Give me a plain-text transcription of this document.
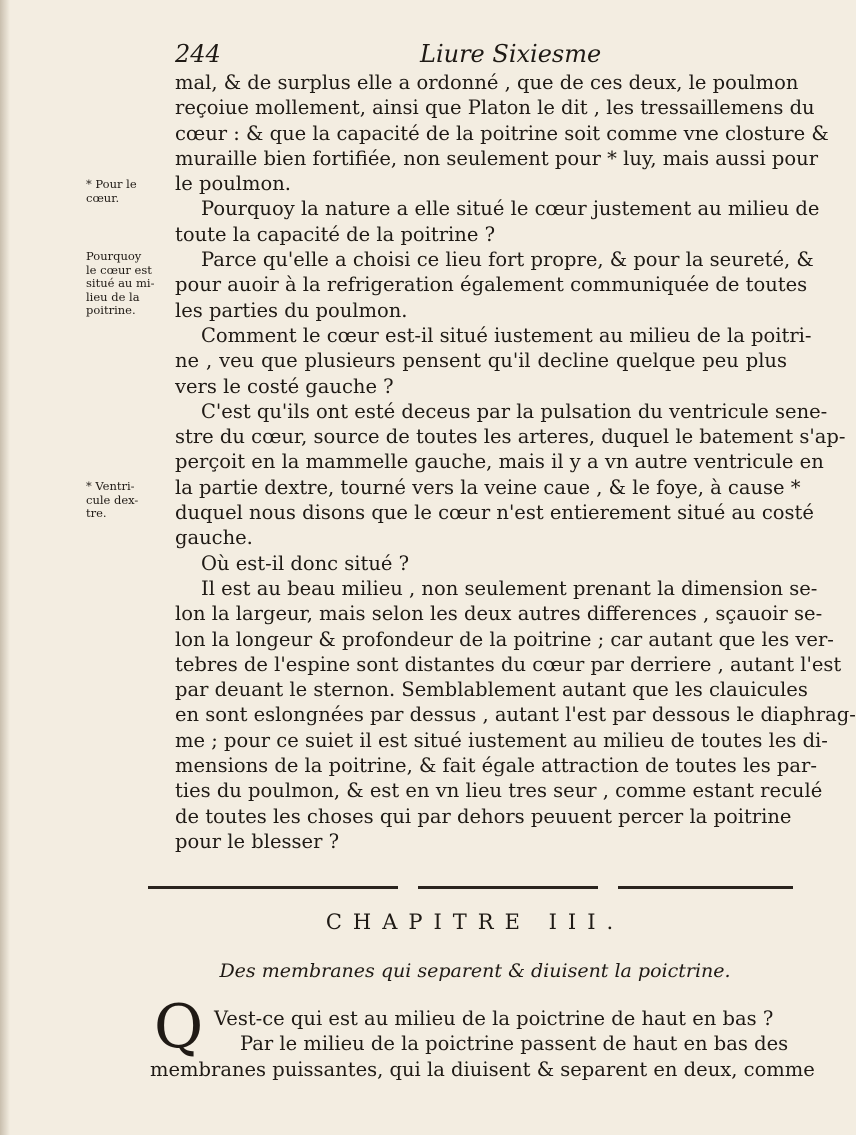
244	Liure Sixiesme
* Pour le
cœur.
Pourquoy
le cœur est
situé au mi-
lieu de la
poitrine.
* Ventri-
cule dex-
tre.
mal, & de surplus elle a ordonné , que de ces deux, le poulmon
reçoiue mollement, ainsi que Platon le dit , les tressaillemens du
cœur : & que la capacité de la poitrine soit comme vne closture &
muraille bien fortifiée, non seulement pour * luy, mais aussi pour
le poulmon.
Pourquoy la nature a elle situé le cœur justement au milieu de
toute la capacité de la poitrine ?
Parce qu'elle a choisi ce lieu fort propre, & pour la seureté, &
pour auoir à la refrigeration également communiquée de toutes
les parties du poulmon.
Comment le cœur est-il situé iustement au milieu de la poitri-
ne , veu que plusieurs pensent qu'il decline quelque peu plus
vers le costé gauche ?
C'est qu'ils ont esté deceus par la pulsation du ventricule sene-
stre du cœur, source de toutes les arteres, duquel le batement s'ap-
perçoit en la mammelle gauche, mais il y a vn autre ventricule en
la partie dextre, tourné vers la veine caue , & le foye, à cause *
duquel nous disons que le cœur n'est entierement situé au costé
gauche.
Où est-il donc situé ?
Il est au beau milieu , non seulement prenant la dimension se-
lon la largeur, mais selon les deux autres differences , sçauoir se-
lon la longeur & profondeur de la poitrine ; car autant que les ver-
tebres de l'espine sont distantes du cœur par derriere , autant l'est
par deuant le sternon. Semblablement autant que les clauicules
en sont eslongnées par dessus , autant l'est par dessous le diaphrag-
me ; pour ce suiet il est situé iustement au milieu de toutes les di-
mensions de la poitrine, & fait égale attraction de toutes les par-
ties du poulmon, & est en vn lieu tres seur , comme estant reculé
de toutes les choses qui par dehors peuuent percer la poitrine
pour le blesser ?
CHAPITRE III.
Des membranes qui separent & diuisent la poictrine.
Q Vest-ce qui est au milieu de la poictrine de haut en bas ?
Par le milieu de la poictrine passent de haut en bas des
membranes puissantes, qui la diuisent & separent en deux, comme
